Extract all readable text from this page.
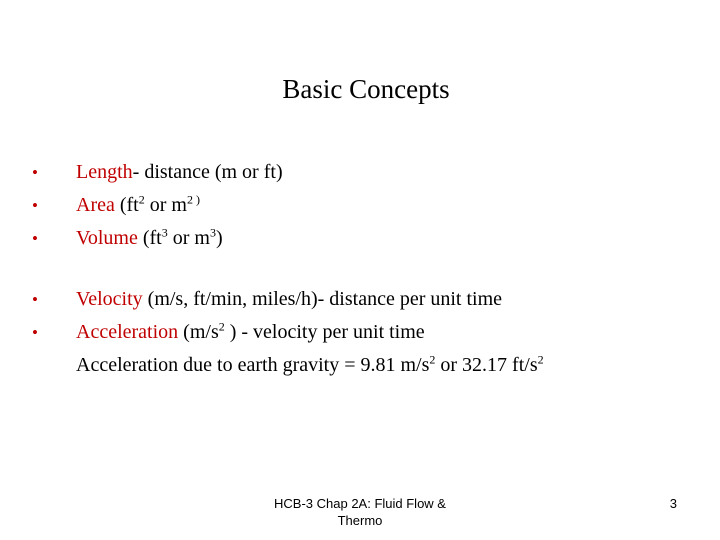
Basic Concepts
•	Length- distance (m or ft)
•	Area ($ft^2$ or $m^{2 )}$
•	Volume ($ft^3$ or $m^3$)
•	Velocity (m/s, ft/min, miles/h)- distance per unit time
•	Acceleration ($m/s^2$ ) - velocity per unit time
Acceleration due to earth gravity = 9.81 $m/s^2$ or 32.17 $ft/s^2$
HCB-3 Chap 2A: Fluid Flow &
Thermo
3
